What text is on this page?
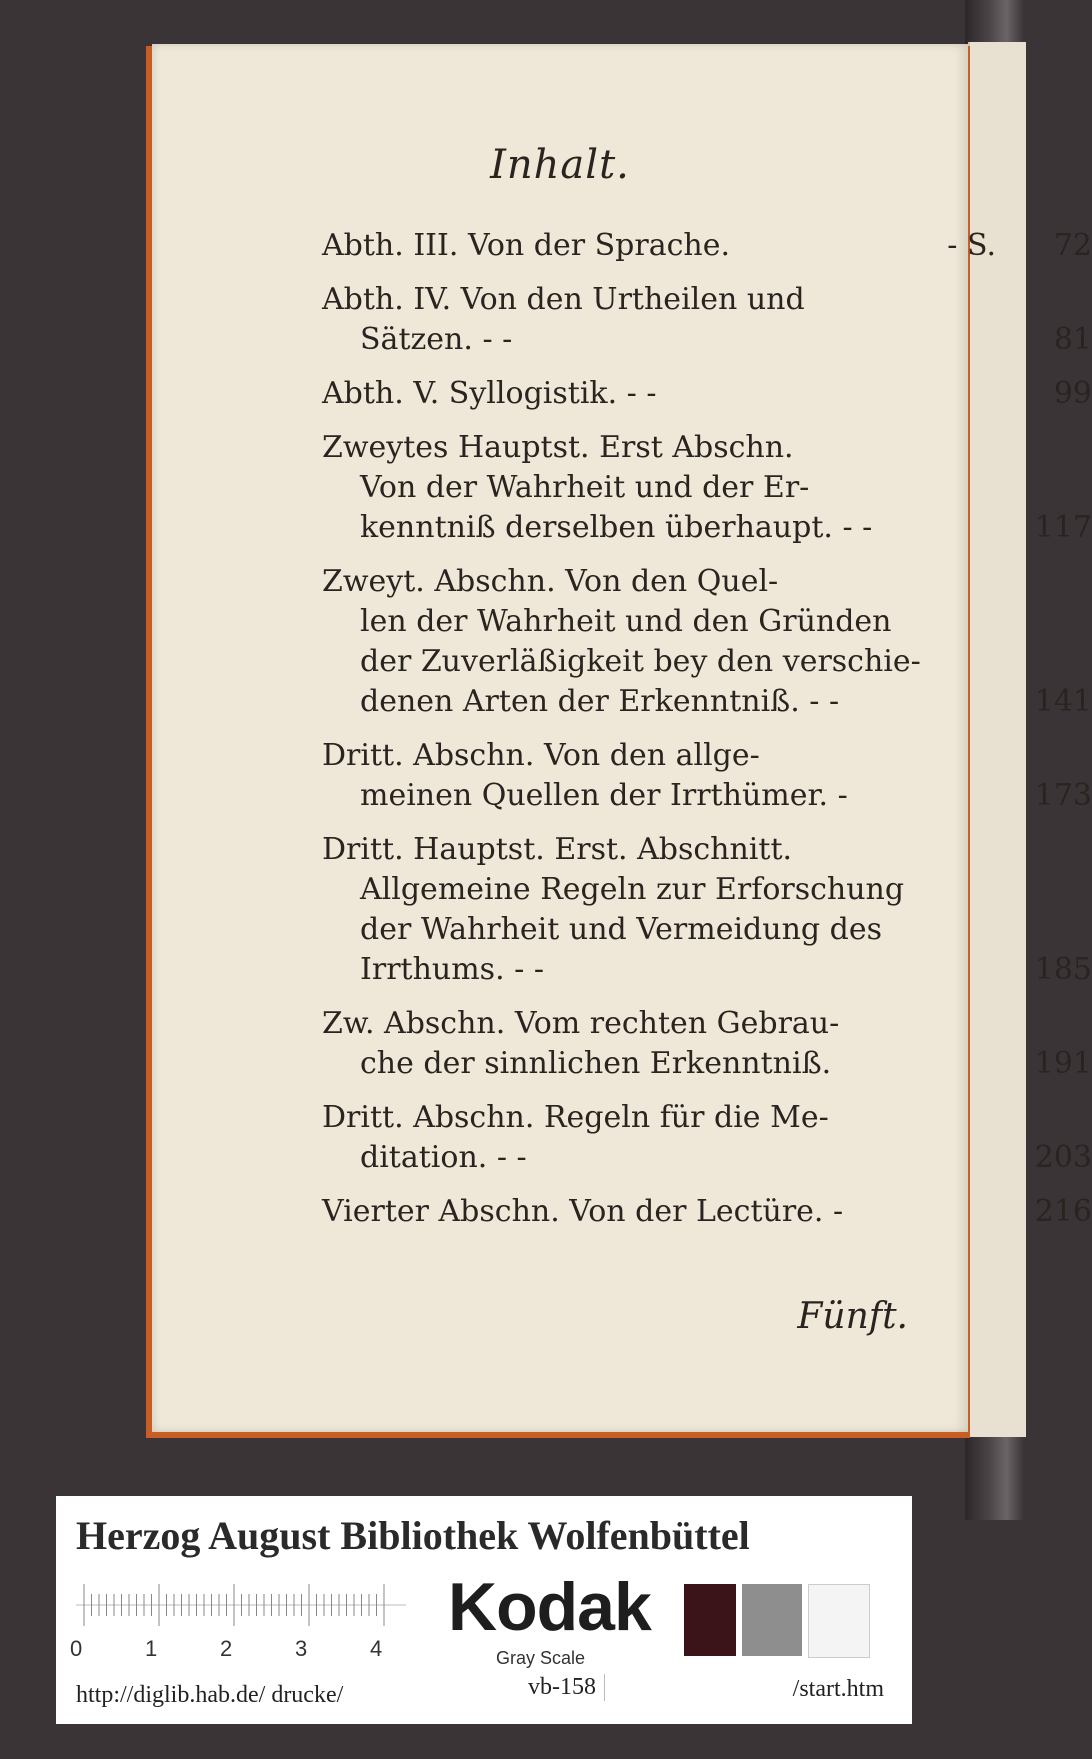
Inhalt.
Abth. III. Von der Sprache.	- S.	72
Abth. IV. Von den Urtheilen und
Sätzen. - -	81
Abth. V. Syllogistik. - -	99
Zweytes Hauptst. Erst Abschn.
Von der Wahrheit und der Er-
kenntniß derselben überhaupt. - -	117
Zweyt. Abschn. Von den Quel-
len der Wahrheit und den Gründen
der Zuverläßigkeit bey den verschie-
denen Arten der Erkenntniß. - -	141
Dritt. Abschn. Von den allge-
meinen Quellen der Irrthümer. -	173
Dritt. Hauptst. Erst. Abschnitt.
Allgemeine Regeln zur Erforschung
der Wahrheit und Vermeidung des
Irrthums. - -	185
Zw. Abschn. Vom rechten Gebrau-
che der sinnlichen Erkenntniß.	191
Dritt. Abschn. Regeln für die Me-
ditation. - -	203
Vierter Abschn. Von der Lectüre. -	216
Fünft.
Herzog August Bibliothek Wolfenbüttel
0	1	2	3	4
Kodak
Gray Scale
http://diglib.hab.de/ drucke/	vb-158	/start.htm
